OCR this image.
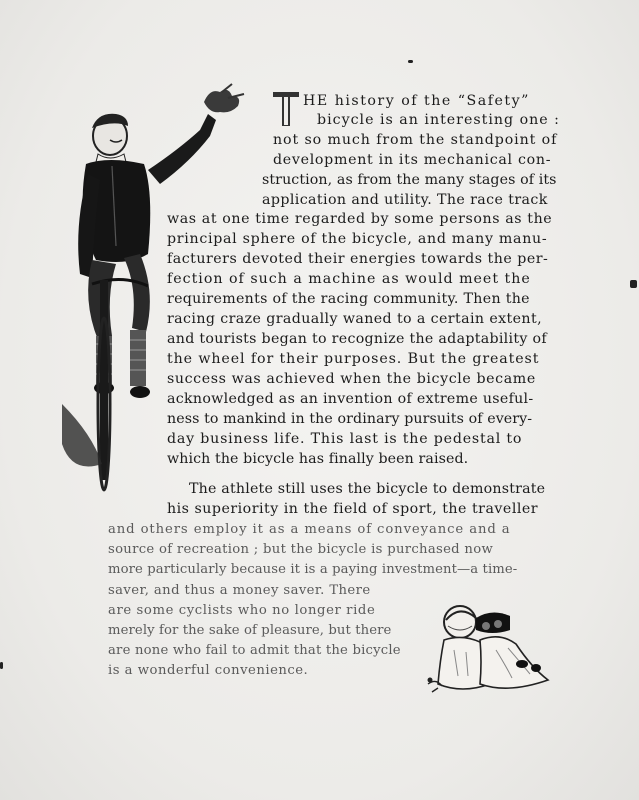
HE history of the “Safety”
bicycle is an interesting one :
not so much from the standpoint of
development in its mechanical con-
struction, as from the many stages of its
application and utility. The race track
was at one time regarded by some persons as the
principal sphere of the bicycle, and many manu-
facturers devoted their energies towards the per-
fection of such a machine as would meet the
requirements of the racing community. Then the
racing craze gradually waned to a certain extent,
and tourists began to recognize the adaptability of
the wheel for their purposes. But the greatest
success was achieved when the bicycle became
acknowledged as an invention of extreme useful-
ness to mankind in the ordinary pursuits of every-
day business life. This last is the pedestal to
which the bicycle has finally been raised.
The athlete still uses the bicycle to demonstrate
his superiority in the field of sport, the traveller
and others employ it as a means of conveyance and a
source of recreation ; but the bicycle is purchased now
more particularly because it is a paying investment—a time-
saver, and thus a money saver. There
are some cyclists who no longer ride
merely for the sake of pleasure, but there
are none who fail to admit that the bicycle
is a wonderful convenience.
